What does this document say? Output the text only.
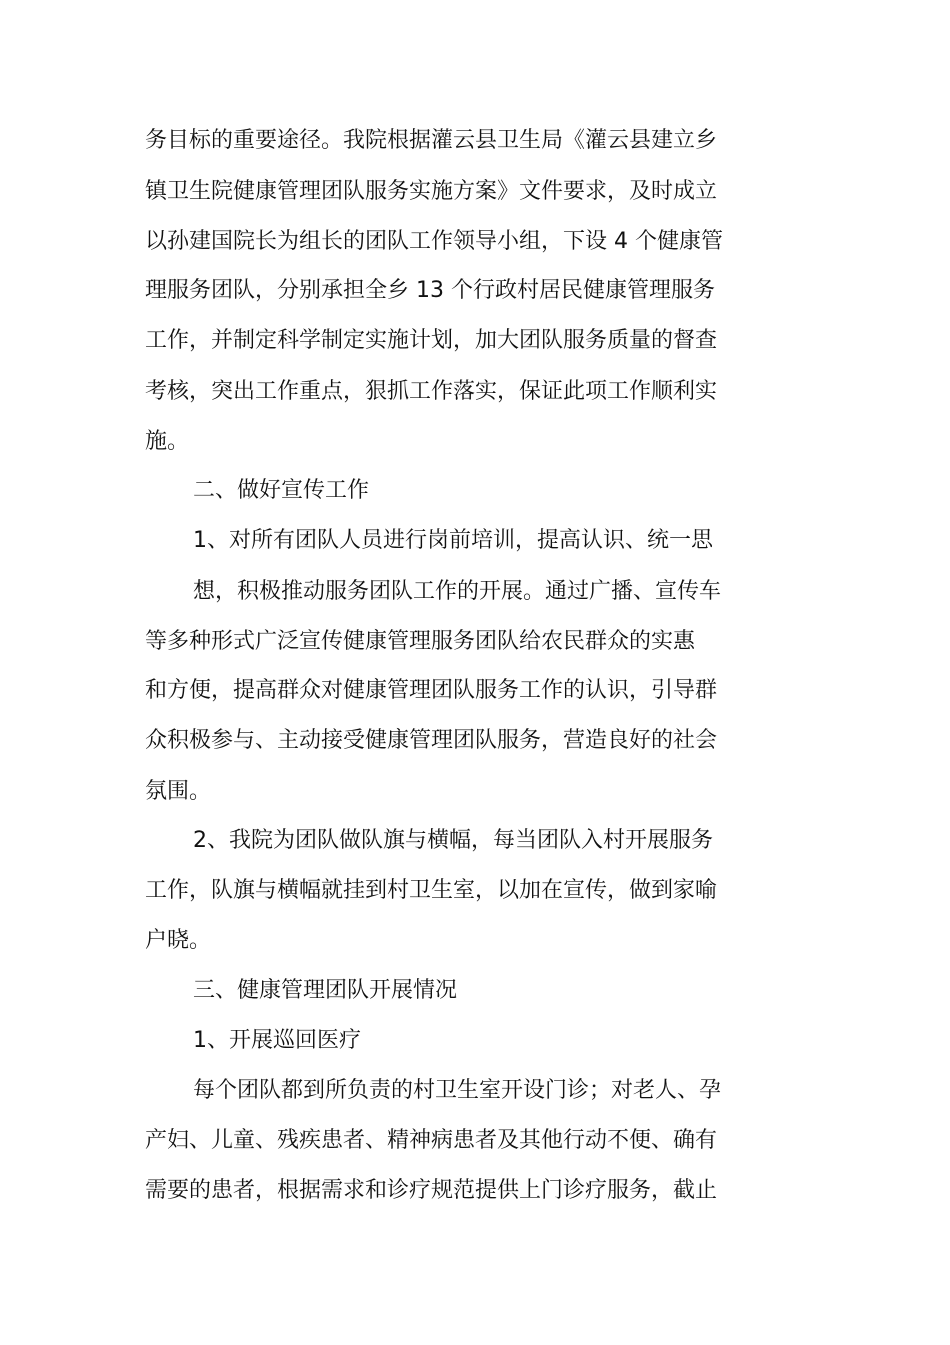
务目标的重要途径。我院根据灌云县卫生局《灌云县建立乡
镇卫生院健康管理团队服务实施方案》文件要求，及时成立
以孙建国院长为组长的团队工作领导小组，下设 4 个健康管
理服务团队，分别承担全乡 13 个行政村居民健康管理服务
工作，并制定科学制定实施计划，加大团队服务质量的督查
考核，突出工作重点，狠抓工作落实，保证此项工作顺利实
施。
二、做好宣传工作
1、对所有团队人员进行岗前培训，提高认识、统一思
想，积极推动服务团队工作的开展。通过广播、宣传车
等多种形式广泛宣传健康管理服务团队给农民群众的实惠
和方便，提高群众对健康管理团队服务工作的认识，引导群
众积极参与、主动接受健康管理团队服务，营造良好的社会
氛围。
2、我院为团队做队旗与横幅，每当团队入村开展服务
工作，队旗与横幅就挂到村卫生室，以加在宣传，做到家喻
户晓。
三、健康管理团队开展情况
1、开展巡回医疗
每个团队都到所负责的村卫生室开设门诊；对老人、孕
产妇、儿童、残疾患者、精神病患者及其他行动不便、确有
需要的患者，根据需求和诊疗规范提供上门诊疗服务，截止
